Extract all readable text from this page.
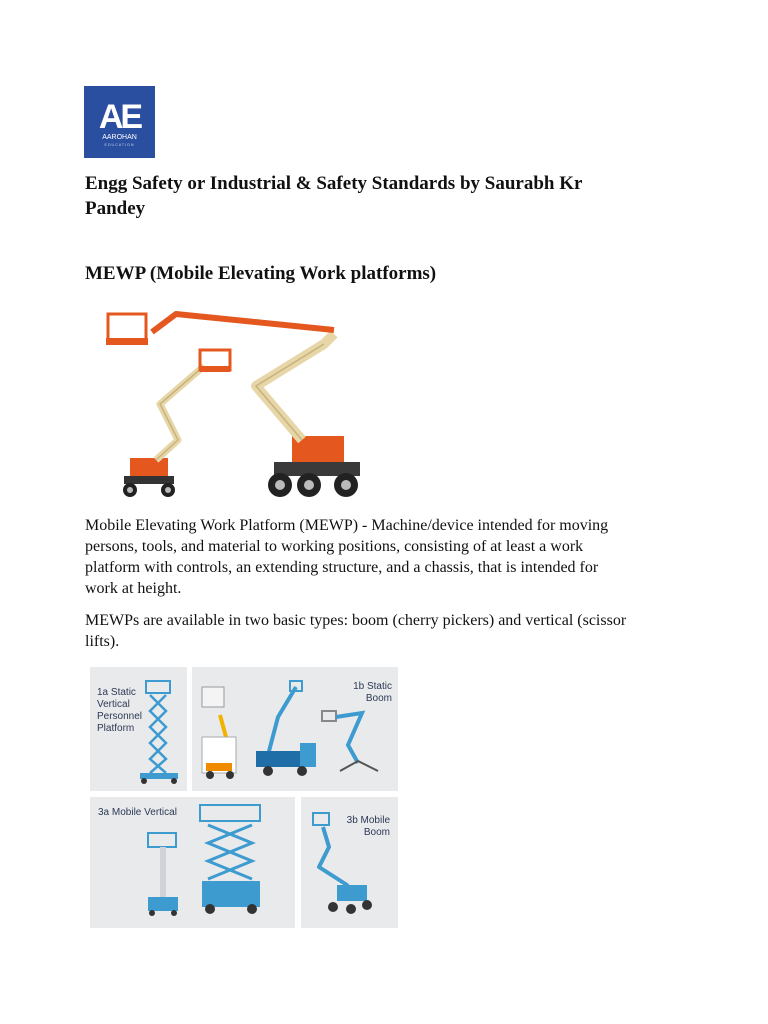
AE
AAROHAN
EDUCATION
Engg Safety or Industrial & Safety Standards by Saurabh Kr Pandey
MEWP (Mobile Elevating Work platforms)

Mobile Elevating Work Platform (MEWP) - Machine/device intended for moving persons, tools, and material to working positions, consisting of at least a work platform with controls, an extending structure, and a chassis, that is intended for work at height.

MEWPs are available in two basic types: boom (cherry pickers) and vertical (scissor lifts).

1a Static
Vertical
Personnel
Platform
1b Static
Boom
3a Mobile Vertical
3b Mobile
Boom
